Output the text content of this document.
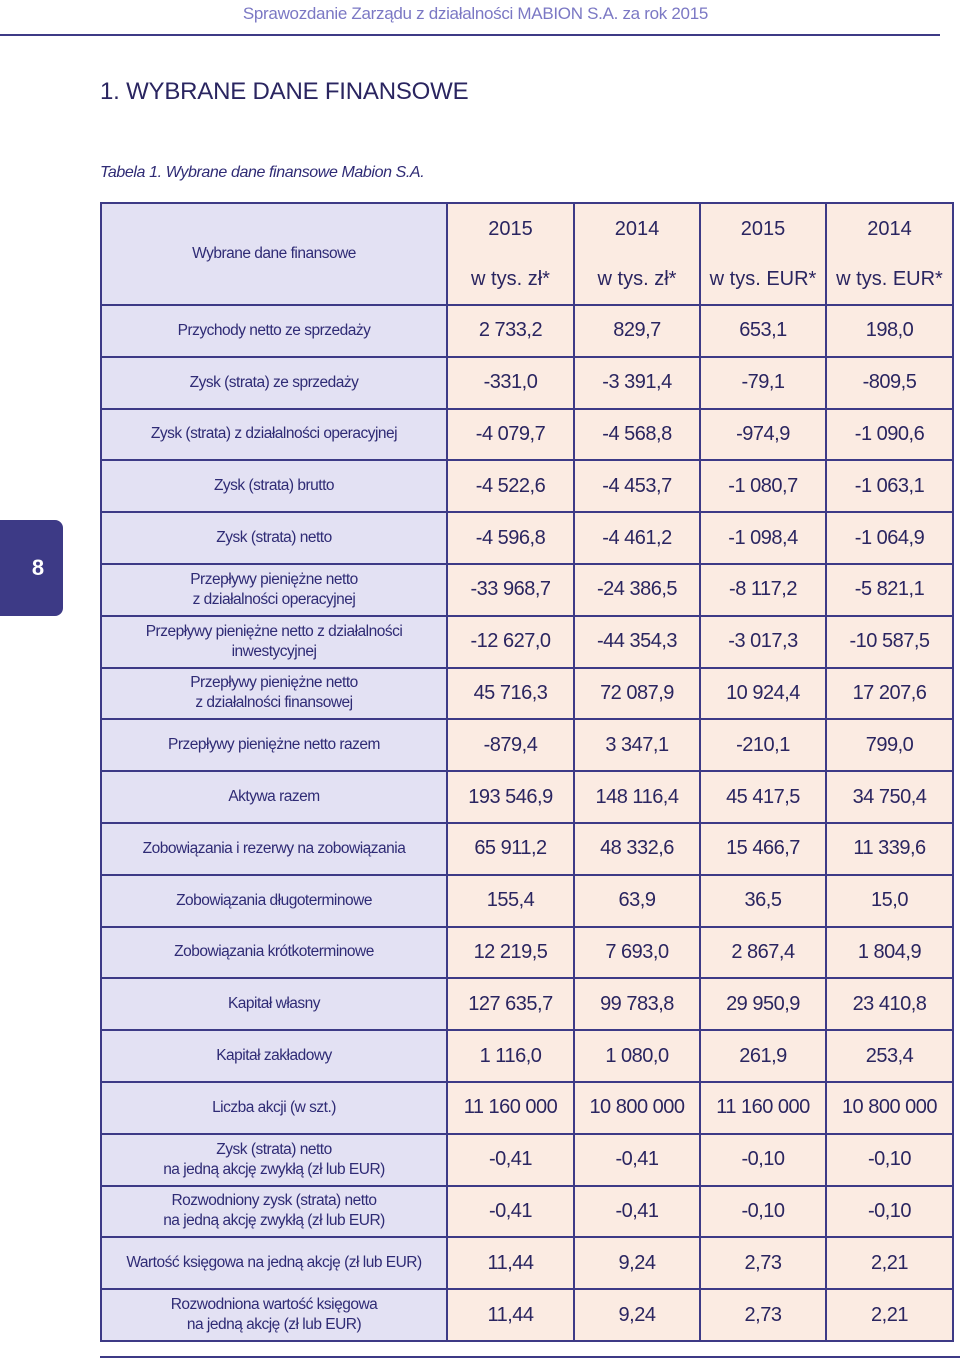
Sprawozdanie Zarządu z działalności MABION S.A. za rok 2015
1. WYBRANE DANE FINANSOWE
Tabela 1. Wybrane dane finansowe Mabion S.A.
8
Wybrane dane finansowe	2015	2014	2015	2014
	w tys. zł*	w tys. zł*	w tys. EUR*	w tys. EUR*
Przychody netto ze sprzedaży	2 733,2	829,7	653,1	198,0
Zysk (strata) ze sprzedaży	-331,0	-3 391,4	-79,1	-809,5
Zysk (strata) z działalności operacyjnej	-4 079,7	-4 568,8	-974,9	-1 090,6
Zysk (strata) brutto	-4 522,6	-4 453,7	-1 080,7	-1 063,1
Zysk (strata) netto	-4 596,8	-4 461,2	-1 098,4	-1 064,9
Przepływy pieniężne netto
z działalności operacyjnej	-33 968,7	-24 386,5	-8 117,2	-5 821,1
Przepływy pieniężne netto z działalności
inwestycyjnej	-12 627,0	-44 354,3	-3 017,3	-10 587,5
Przepływy pieniężne netto
z działalności finansowej	45 716,3	72 087,9	10 924,4	17 207,6
Przepływy pieniężne netto razem	-879,4	3 347,1	-210,1	799,0
Aktywa razem	193 546,9	148 116,4	45 417,5	34 750,4
Zobowiązania i rezerwy na zobowiązania	65 911,2	48 332,6	15 466,7	11 339,6
Zobowiązania długoterminowe	155,4	63,9	36,5	15,0
Zobowiązania krótkoterminowe	12 219,5	7 693,0	2 867,4	1 804,9
Kapitał własny	127 635,7	99 783,8	29 950,9	23 410,8
Kapitał zakładowy	1 116,0	1 080,0	261,9	253,4
Liczba akcji (w szt.)	11 160 000	10 800 000	11 160 000	10 800 000
Zysk (strata) netto
na jedną akcję zwykłą (zł lub EUR)	-0,41	-0,41	-0,10	-0,10
Rozwodniony zysk (strata) netto
na jedną akcję zwykłą (zł lub EUR)	-0,41	-0,41	-0,10	-0,10
Wartość księgowa na jedną akcję (zł lub EUR)	11,44	9,24	2,73	2,21
Rozwodniona wartość księgowa
na jedną akcję (zł lub EUR)	11,44	9,24	2,73	2,21
